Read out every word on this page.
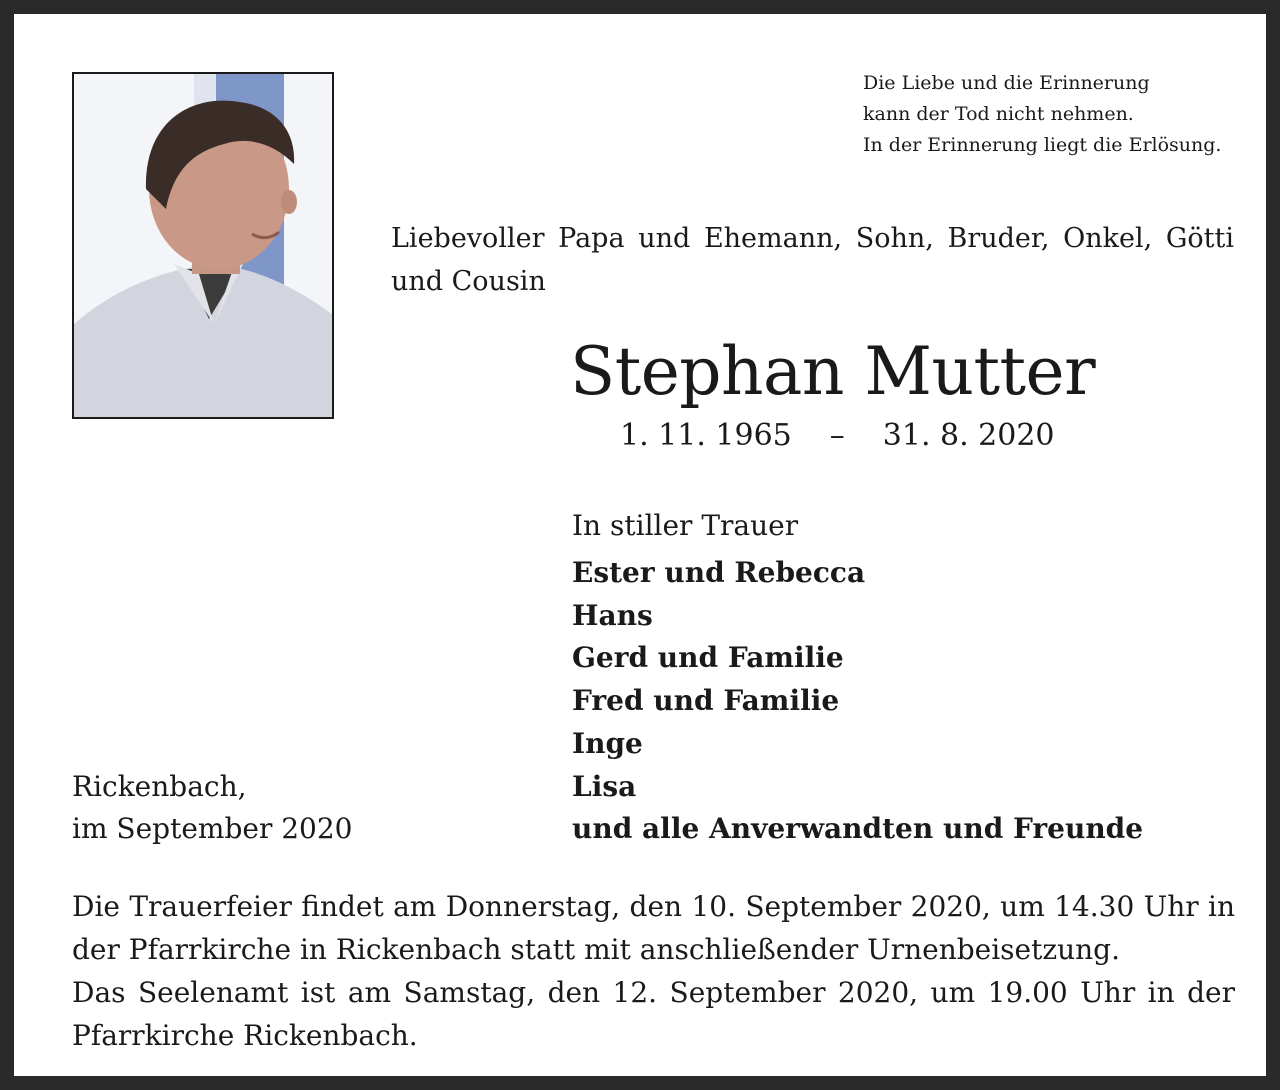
Die Liebe und die Erinnerung
kann der Tod nicht nehmen.
In der Erinnerung liegt die Erlösung.
Liebevoller Papa und Ehemann, Sohn, Bruder, Onkel, Götti und Cousin
Stephan Mutter
1. 11. 1965 – 31. 8. 2020
In stiller Trauer
Ester und Rebecca
Hans
Gerd und Familie
Fred und Familie
Inge
Lisa
und alle Anverwandten und Freunde
Rickenbach,
im September 2020

Die Trauerfeier findet am Donnerstag, den 10. September 2020, um 14.30 Uhr in der Pfarrkirche in Rickenbach statt mit anschließender Urnenbeisetzung.

Das Seelenamt ist am Samstag, den 12. September 2020, um 19.00 Uhr in der Pfarrkirche Rickenbach.
